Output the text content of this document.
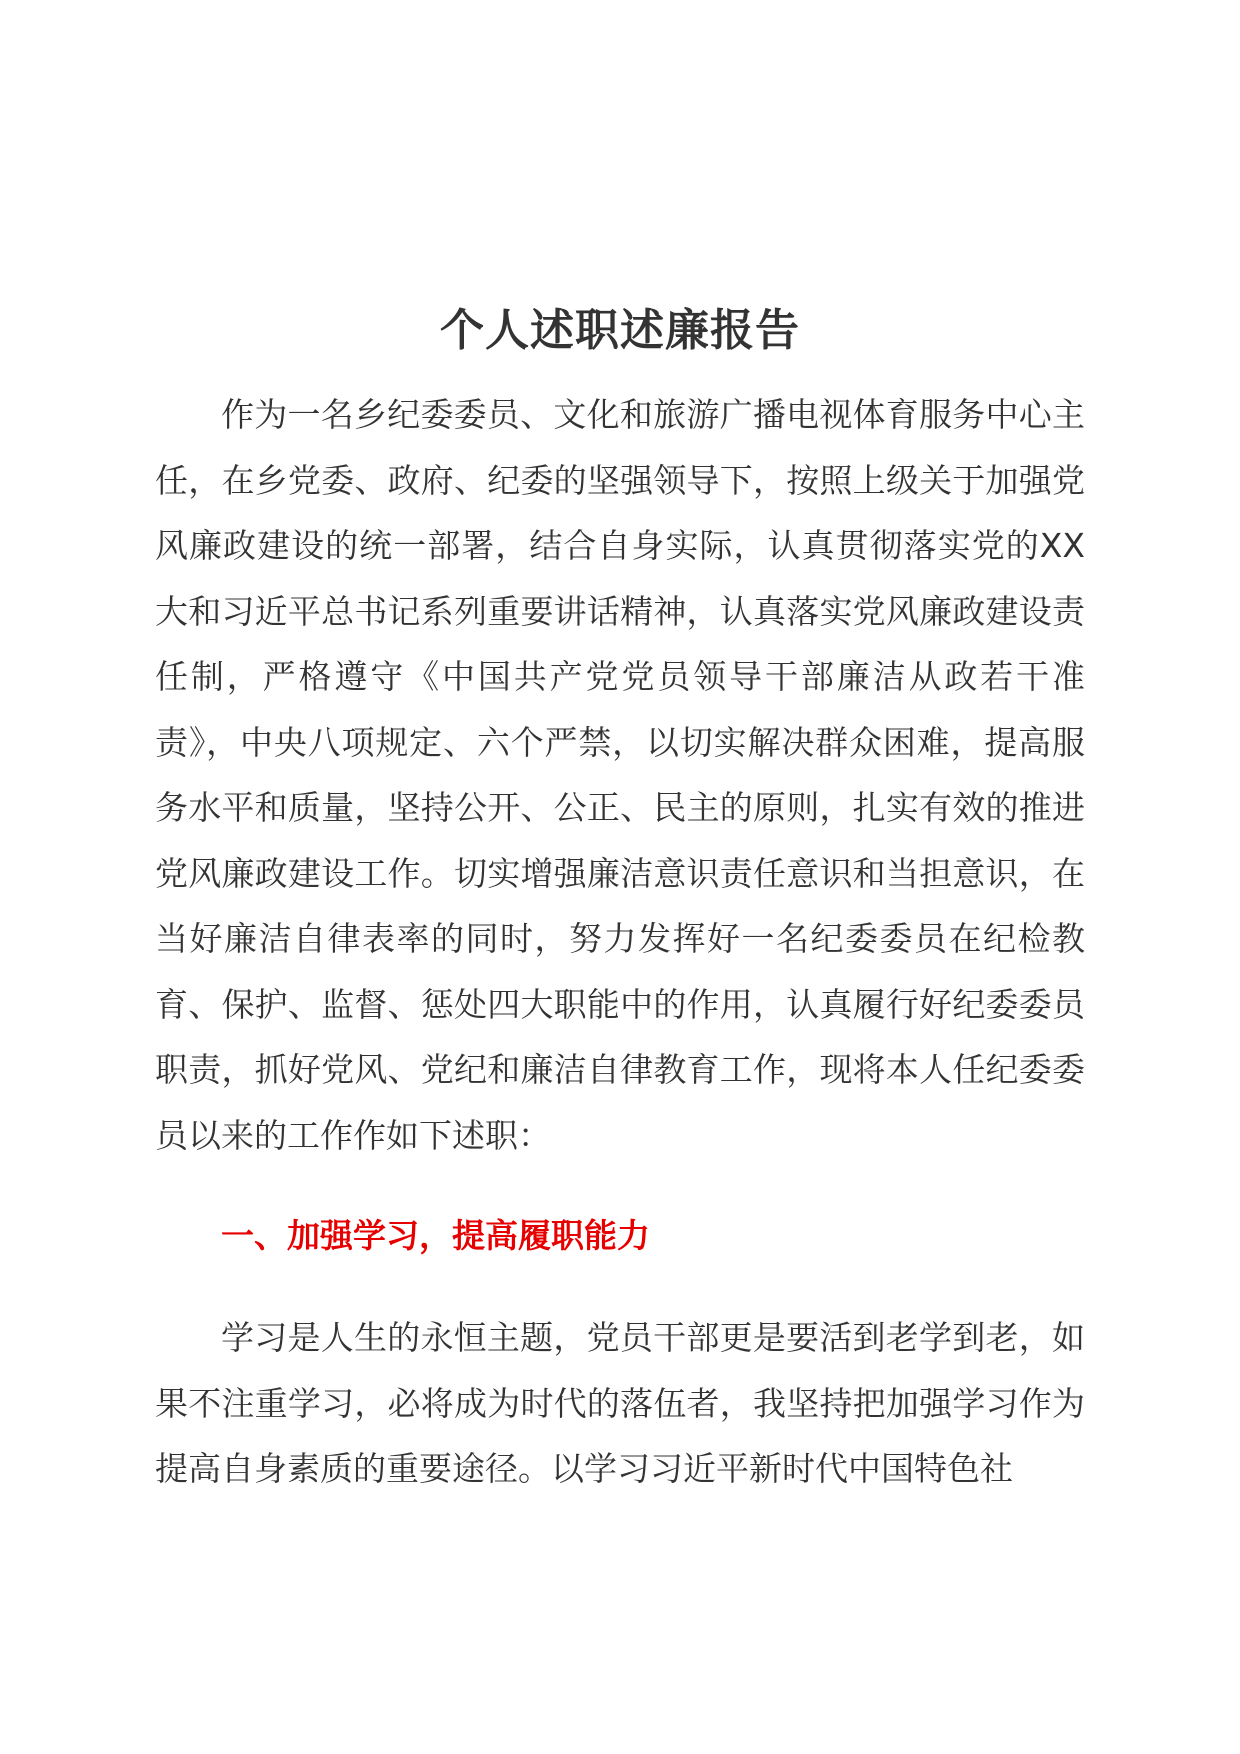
个人述职述廉报告

作为一名乡纪委委员、文化和旅游广播电视体育服务中心主任，在乡党委、政府、纪委的坚强领导下，按照上级关于加强党风廉政建设的统一部署，结合自身实际，认真贯彻落实党的XX大和习近平总书记系列重要讲话精神，认真落实党风廉政建设责任制，严格遵守《中国共产党党员领导干部廉洁从政若干准责》，中央八项规定、六个严禁，以切实解决群众困难，提高服务水平和质量，坚持公开、公正、民主的原则，扎实有效的推进党风廉政建设工作。切实增强廉洁意识责任意识和当担意识，在当好廉洁自律表率的同时，努力发挥好一名纪委委员在纪检教育、保护、监督、惩处四大职能中的作用，认真履行好纪委委员职责，抓好党风、党纪和廉洁自律教育工作，现将本人任纪委委员以来的工作作如下述职：

一、加强学习，提高履职能力

学习是人生的永恒主题，党员干部更是要活到老学到老，如果不注重学习，必将成为时代的落伍者，我坚持把加强学习作为提高自身素质的重要途径。以学习习近平新时代中国特色社
